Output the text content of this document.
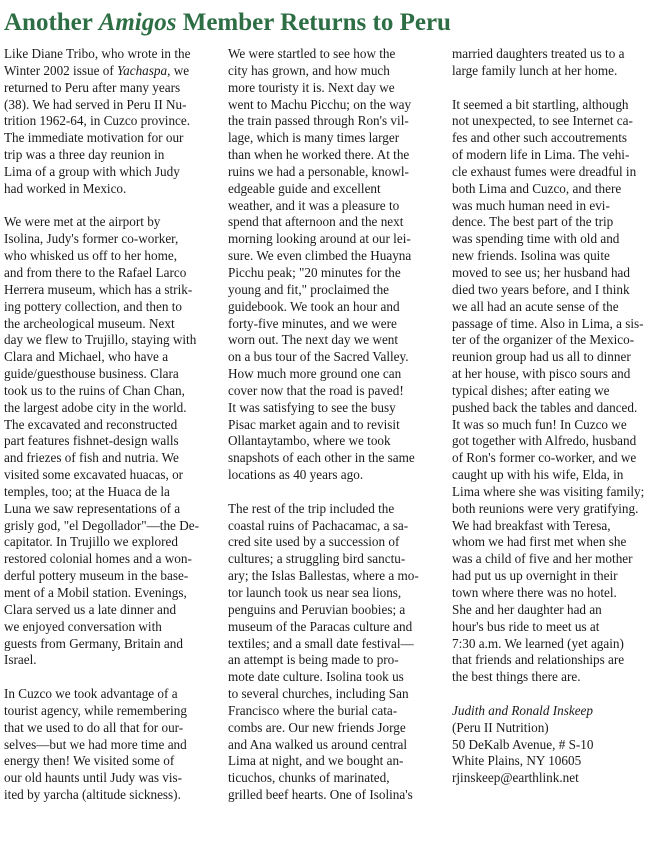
Another Amigos Member Returns to Peru
Like Diane Tribo, who wrote in the
Winter 2002 issue of Yachaspa, we
returned to Peru after many years
(38). We had served in Peru II Nu-
trition 1962-64, in Cuzco province.
The immediate motivation for our
trip was a three day reunion in
Lima of a group with which Judy
had worked in Mexico.
We were met at the airport by
Isolina, Judy's former co-worker,
who whisked us off to her home,
and from there to the Rafael Larco
Herrera museum, which has a strik-
ing pottery collection, and then to
the archeological museum. Next
day we flew to Trujillo, staying with
Clara and Michael, who have a
guide/guesthouse business. Clara
took us to the ruins of Chan Chan,
the largest adobe city in the world.
The excavated and reconstructed
part features fishnet-design walls
and friezes of fish and nutria. We
visited some excavated huacas, or
temples, too; at the Huaca de la
Luna we saw representations of a
grisly god, "el Degollador"—the De-
capitator. In Trujillo we explored
restored colonial homes and a won-
derful pottery museum in the base-
ment of a Mobil station. Evenings,
Clara served us a late dinner and
we enjoyed conversation with
guests from Germany, Britain and
Israel.
In Cuzco we took advantage of a
tourist agency, while remembering
that we used to do all that for our-
selves—but we had more time and
energy then! We visited some of
our old haunts until Judy was vis-
ited by yarcha (altitude sickness).
We were startled to see how the
city has grown, and how much
more touristy it is. Next day we
went to Machu Picchu; on the way
the train passed through Ron's vil-
lage, which is many times larger
than when he worked there. At the
ruins we had a personable, knowl-
edgeable guide and excellent
weather, and it was a pleasure to
spend that afternoon and the next
morning looking around at our lei-
sure. We even climbed the Huayna
Picchu peak; "20 minutes for the
young and fit," proclaimed the
guidebook. We took an hour and
forty-five minutes, and we were
worn out. The next day we went
on a bus tour of the Sacred Valley.
How much more ground one can
cover now that the road is paved!
It was satisfying to see the busy
Pisac market again and to revisit
Ollantaytambo, where we took
snapshots of each other in the same
locations as 40 years ago.
The rest of the trip included the
coastal ruins of Pachacamac, a sa-
cred site used by a succession of
cultures; a struggling bird sanctu-
ary; the Islas Ballestas, where a mo-
tor launch took us near sea lions,
penguins and Peruvian boobies; a
museum of the Paracas culture and
textiles; and a small date festival—
an attempt is being made to pro-
mote date culture. Isolina took us
to several churches, including San
Francisco where the burial cata-
combs are. Our new friends Jorge
and Ana walked us around central
Lima at night, and we bought an-
ticuchos, chunks of marinated,
grilled beef hearts. One of Isolina's
married daughters treated us to a
large family lunch at her home.
It seemed a bit startling, although
not unexpected, to see Internet ca-
fes and other such accoutrements
of modern life in Lima. The vehi-
cle exhaust fumes were dreadful in
both Lima and Cuzco, and there
was much human need in evi-
dence. The best part of the trip
was spending time with old and
new friends. Isolina was quite
moved to see us; her husband had
died two years before, and I think
we all had an acute sense of the
passage of time. Also in Lima, a sis-
ter of the organizer of the Mexico-
reunion group had us all to dinner
at her house, with pisco sours and
typical dishes; after eating we
pushed back the tables and danced.
It was so much fun! In Cuzco we
got together with Alfredo, husband
of Ron's former co-worker, and we
caught up with his wife, Elda, in
Lima where she was visiting family;
both reunions were very gratifying.
We had breakfast with Teresa,
whom we had first met when she
was a child of five and her mother
had put us up overnight in their
town where there was no hotel.
She and her daughter had an
hour's bus ride to meet us at
7:30 a.m. We learned (yet again)
that friends and relationships are
the best things there are.
Judith and Ronald Inskeep
(Peru II Nutrition)
50 DeKalb Avenue, # S-10
White Plains, NY 10605
rjinskeep@earthlink.net
